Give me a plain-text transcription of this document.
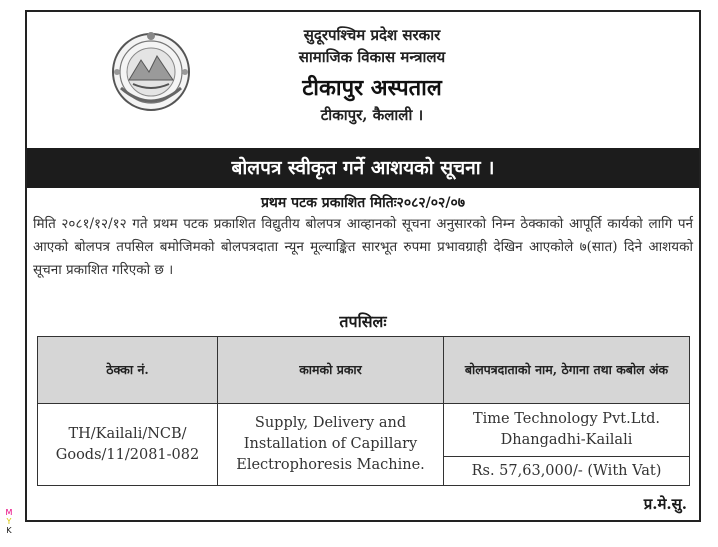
सुदूरपश्चिम प्रदेश सरकार
सामाजिक विकास मन्त्रालय
टीकापुर अस्पताल
टीकापुर, कैलाली ।
बोलपत्र स्वीकृत गर्ने आशयको सूचना ।
प्रथम पटक प्रकाशित मितिः२०८२/०२/०७
मिति २०८१/१२/१२ गते प्रथम पटक प्रकाशित विद्युतीय बोलपत्र आव्हानको सूचना अनुसारको निम्न ठेक्काको आपूर्ति कार्यको लागि पर्न आएको बोलपत्र तपसिल बमोजिमको बोलपत्रदाता न्यून मूल्याङ्कित सारभूत रुपमा प्रभावग्राही देखिन आएकोले ७(सात) दिने आशयको सूचना प्रकाशित गरिएको छ ।
तपसिलः
ठेक्का नं.	कामको प्रकार	बोलपत्रदाताको नाम, ठेगाना तथा कबोल अंक
TH/Kailali/NCB/ Goods/11/2081-082	Supply, Delivery and Installation of Capillary Electrophoresis Machine.	Time Technology Pvt.Ltd. Dhangadhi-Kailali
		Rs. 57,63,000/- (With Vat)
प्र.मे.सु.
M
Y
K
